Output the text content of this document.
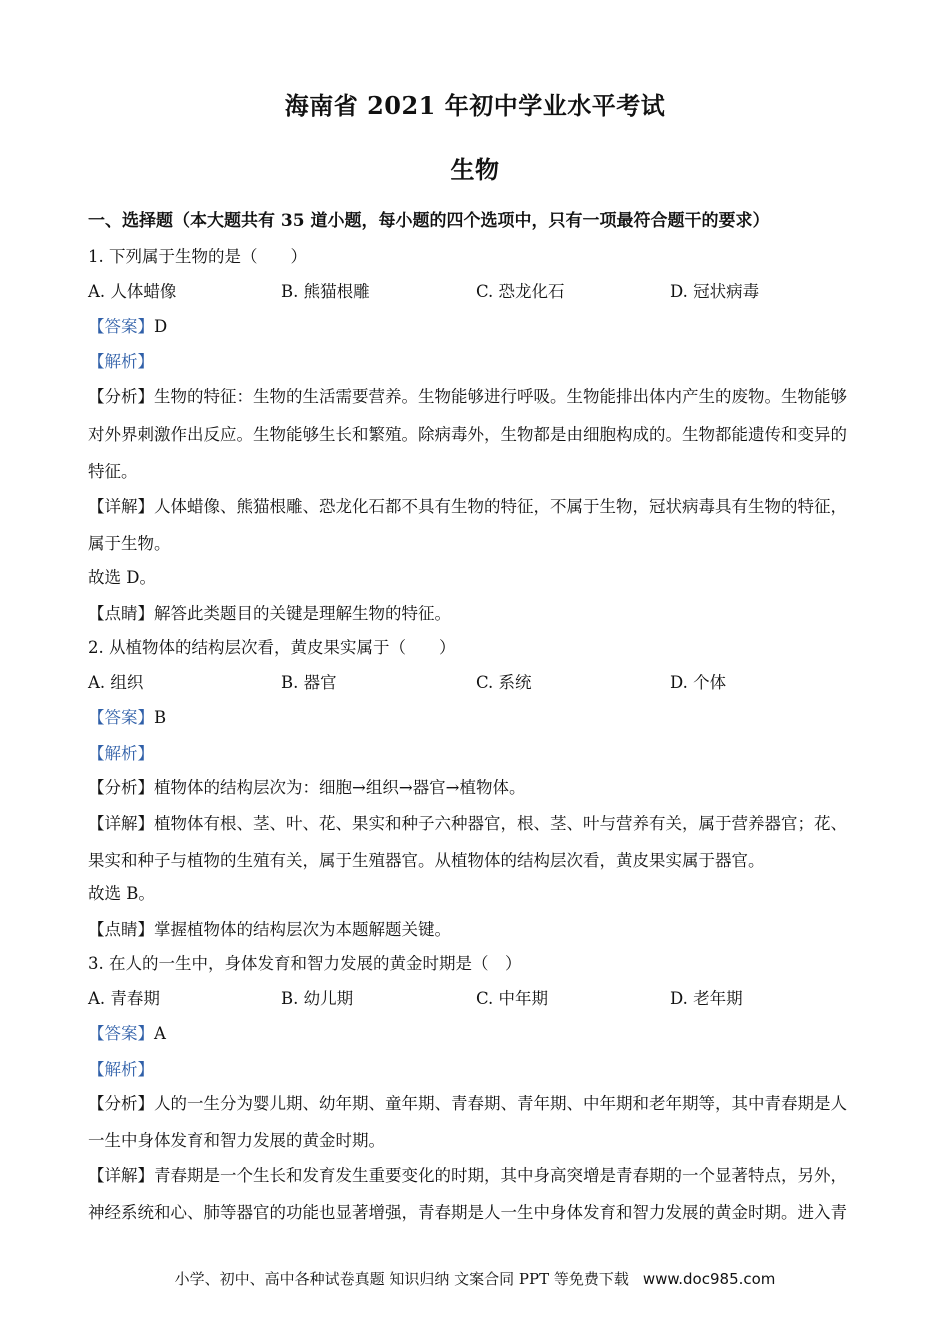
海南省 2021 年初中学业水平考试
生物
一、选择题（本大题共有 35 道小题，每小题的四个选项中，只有一项最符合题干的要求）
1. 下列属于生物的是（　　）
A. 人体蜡像	B. 熊猫根雕	C. 恐龙化石	D. 冠状病毒
【答案】D
【解析】
【分析】生物的特征：生物的生活需要营养。生物能够进行呼吸。生物能排出体内产生的废物。生物能够
对外界刺激作出反应。生物能够生长和繁殖。除病毒外，生物都是由细胞构成的。生物都能遗传和变异的
特征。
【详解】人体蜡像、熊猫根雕、恐龙化石都不具有生物的特征，不属于生物，冠状病毒具有生物的特征，
属于生物。
故选 D。
【点睛】解答此类题目的关键是理解生物的特征。
2. 从植物体的结构层次看，黄皮果实属于（　　）
A. 组织	B. 器官	C. 系统	D. 个体
【答案】B
【解析】
【分析】植物体的结构层次为：细胞→组织→器官→植物体。
【详解】植物体有根、茎、叶、花、果实和种子六种器官，根、茎、叶与营养有关，属于营养器官；花、
果实和种子与植物的生殖有关，属于生殖器官。从植物体的结构层次看，黄皮果实属于器官。
故选 B。
【点睛】掌握植物体的结构层次为本题解题关键。
3. 在人的一生中，身体发育和智力发展的黄金时期是（　）
A. 青春期	B. 幼儿期	C. 中年期	D. 老年期
【答案】A
【解析】
【分析】人的一生分为婴儿期、幼年期、童年期、青春期、青年期、中年期和老年期等，其中青春期是人
一生中身体发育和智力发展的黄金时期。
【详解】青春期是一个生长和发育发生重要变化的时期，其中身高突增是青春期的一个显著特点，另外，
神经系统和心、肺等器官的功能也显著增强，青春期是人一生中身体发育和智力发展的黄金时期。进入青
小学、初中、高中各种试卷真题 知识归纳 文案合同 PPT 等免费下载 www.doc985.com
